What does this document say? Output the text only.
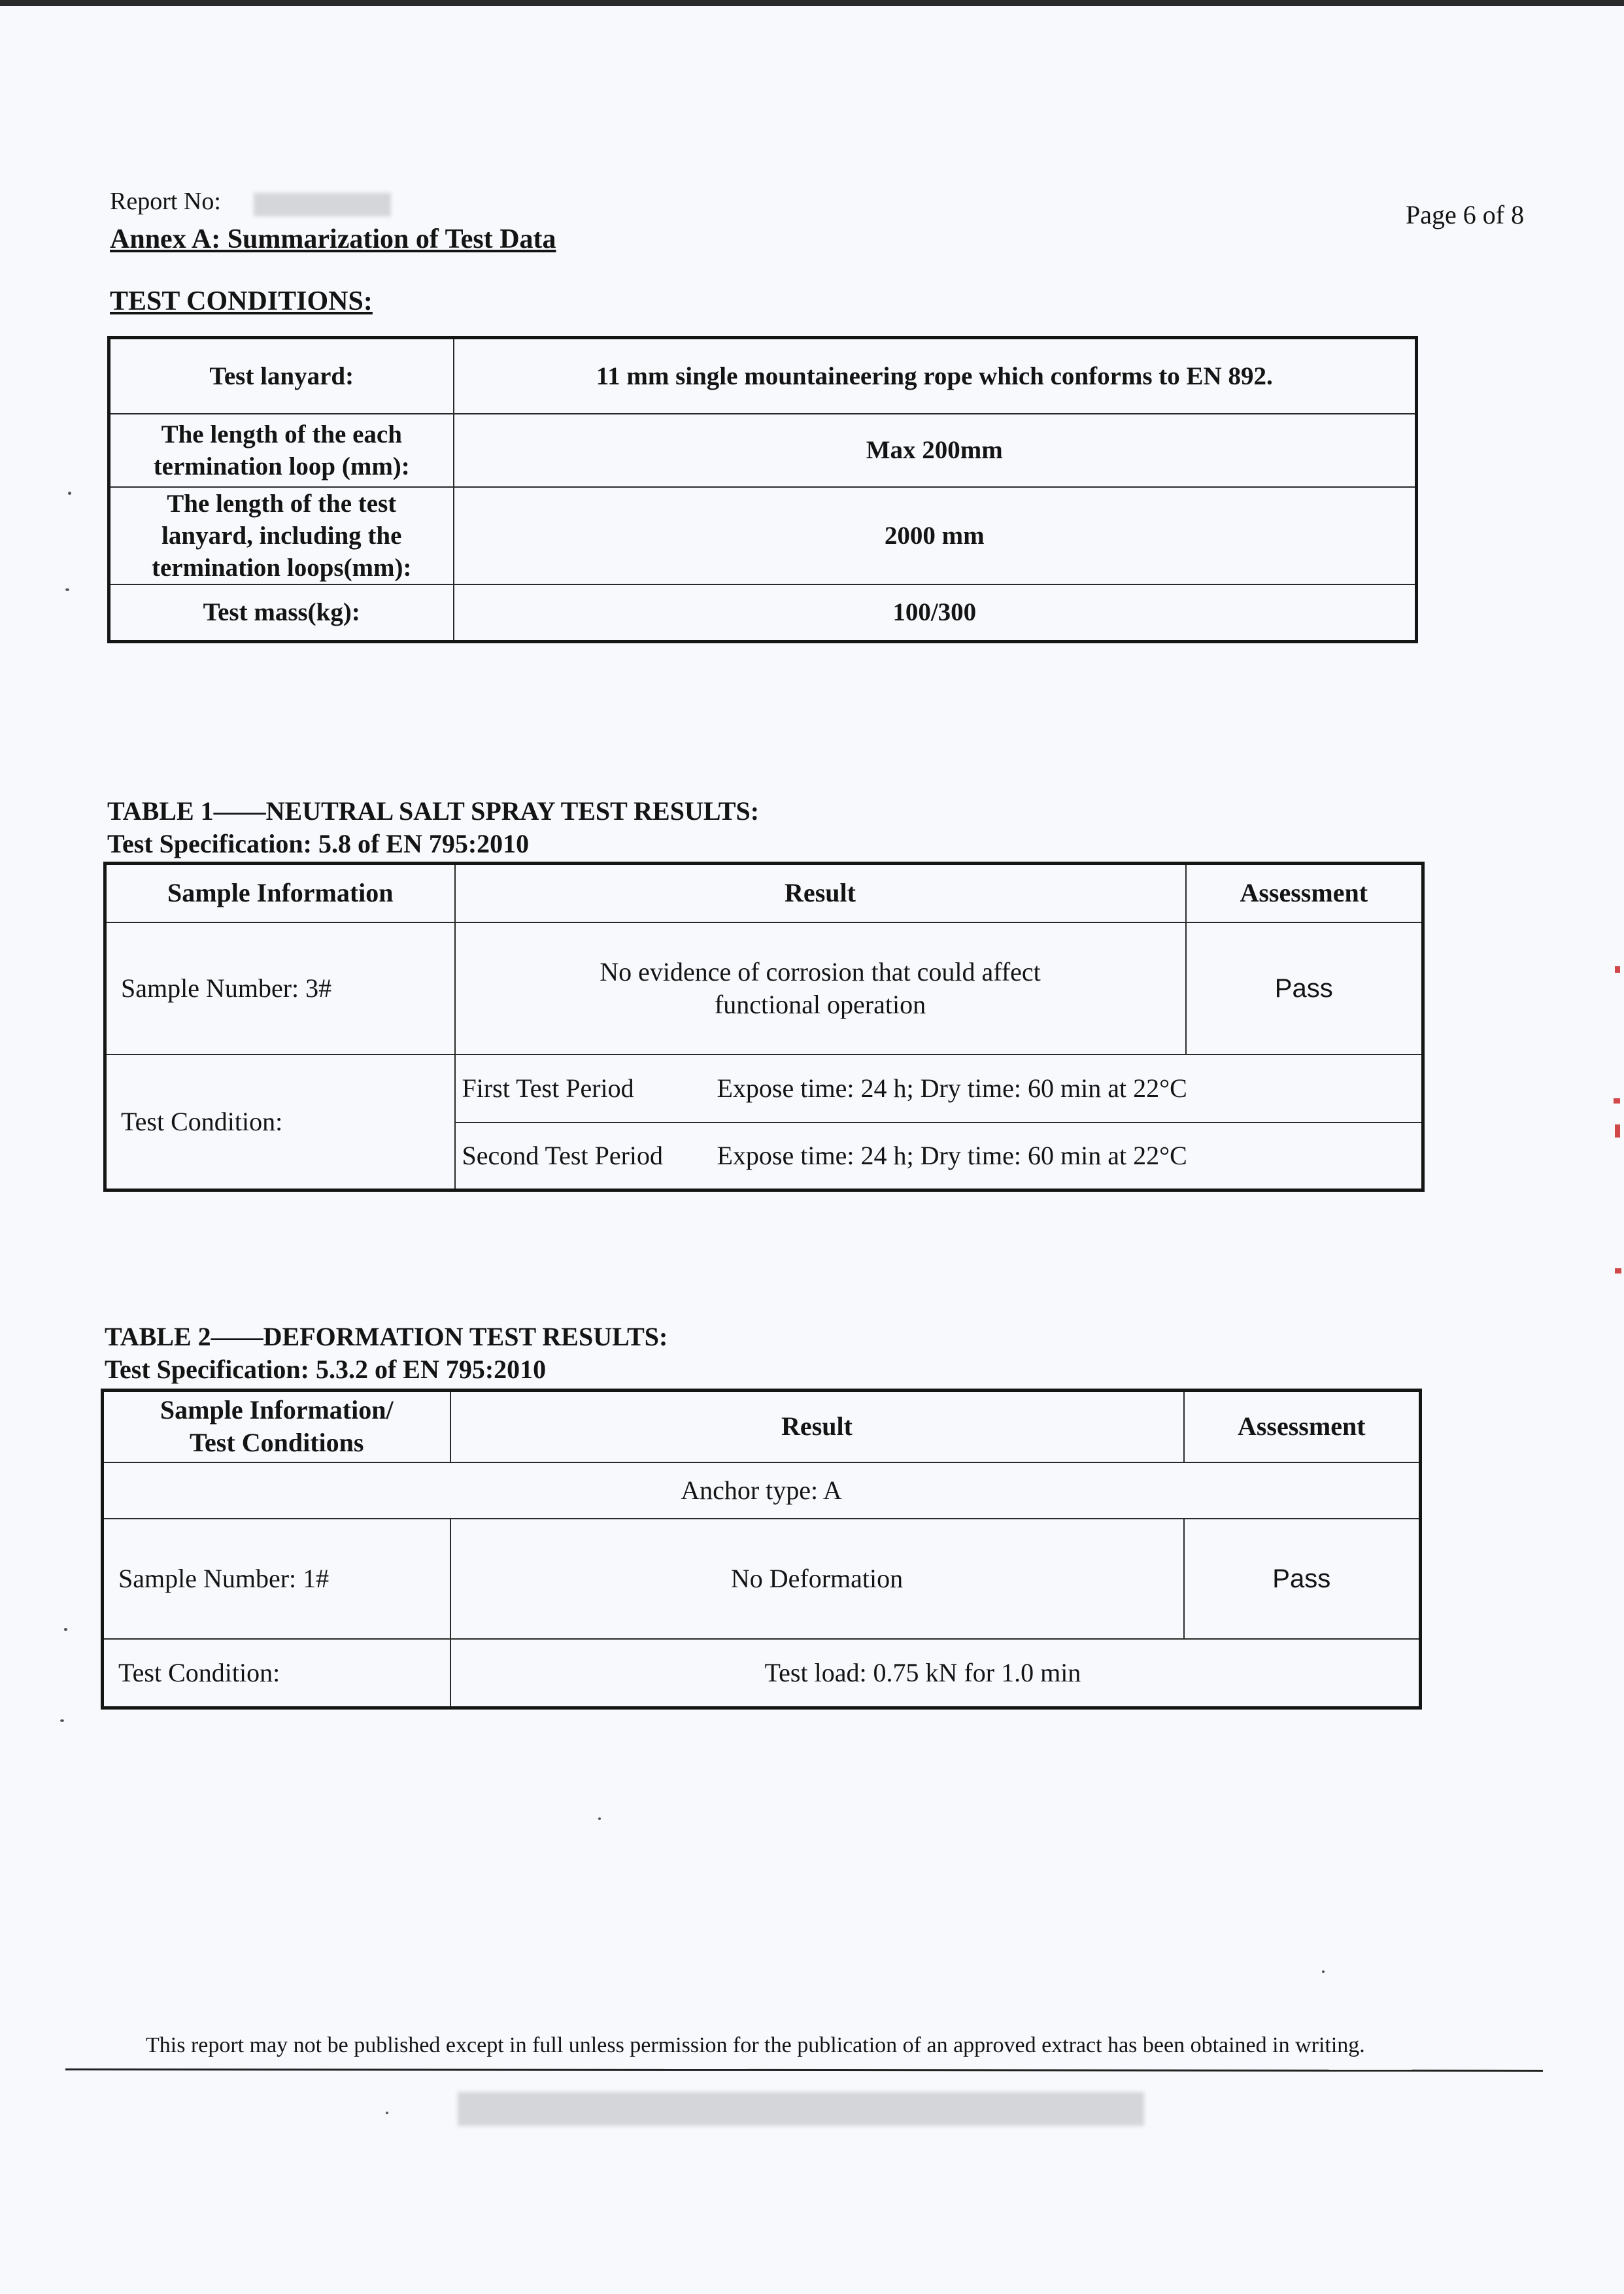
Report No:	Page 6 of 8
Annex A: Summarization of Test Data
TEST CONDITIONS:
Test lanyard:	11 mm single mountaineering rope which conforms to EN 892.
The length of the each termination loop (mm):	Max 200mm
The length of the test lanyard, including the termination loops(mm):	2000 mm
Test mass(kg):	100/300
TABLE 1——NEUTRAL SALT SPRAY TEST RESULTS:
Test Specification: 5.8 of EN 795:2010
Sample Information	Result	Assessment
Sample Number: 3#	No evidence of corrosion that could affect functional operation	Pass
Test Condition:	First Test Period Expose time: 24 h; Dry time: 60 min at 22°C	

	Second Test Period Expose time: 24 h; Dry time: 60 min at 22°C	
TABLE 2——DEFORMATION TEST RESULTS:
Test Specification: 5.3.2 of EN 795:2010
Sample Information/ Test Conditions	Result	Assessment
Anchor type: A		
Sample Number: 1#	No Deformation	Pass
Test Condition:	Test load: 0.75 kN for 1.0 min	
This report may not be published except in full unless permission for the publication of an approved extract has been obtained in writing.
